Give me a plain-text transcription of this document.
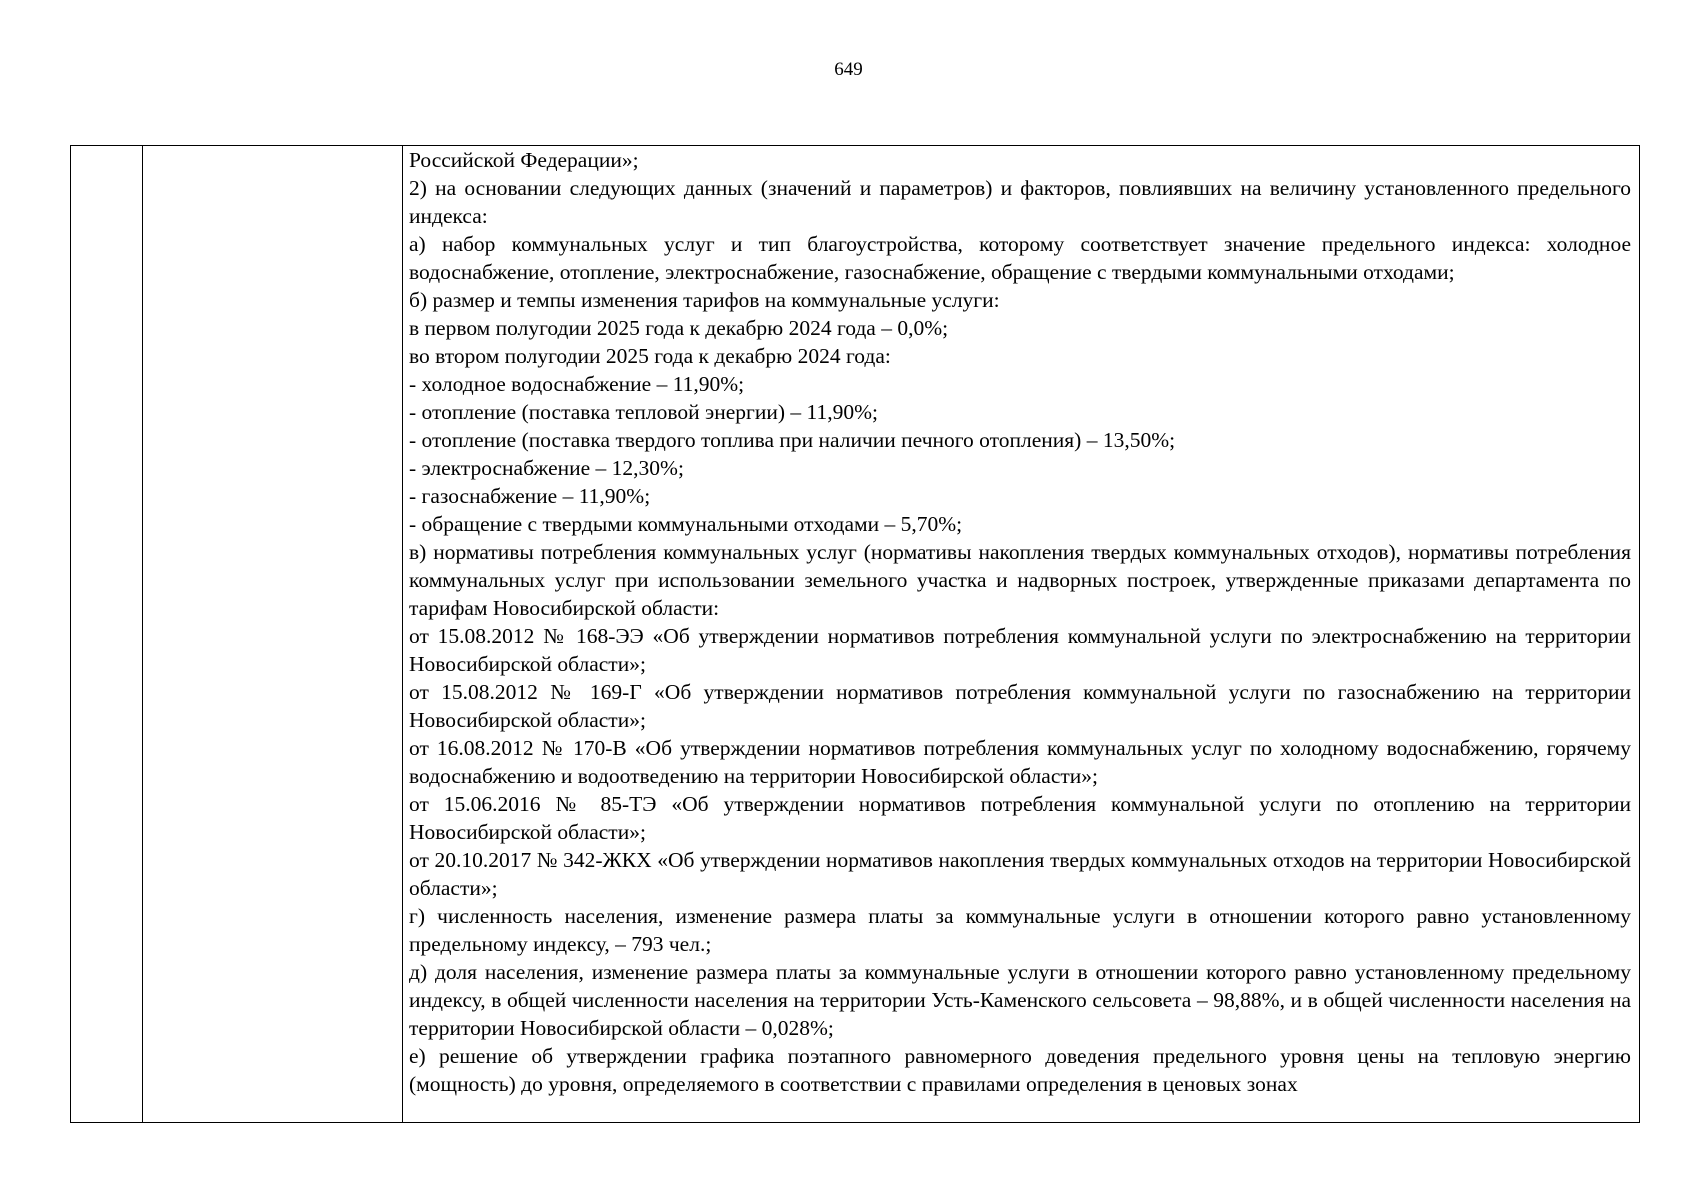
649

Российской Федерации»;

2) на основании следующих данных (значений и параметров) и факторов, повлиявших на величину установленного предельного индекса:

а) набор коммунальных услуг и тип благоустройства, которому соответствует значение предельного индекса: холодное водоснабжение, отопление, электроснабжение, газоснабжение, обращение с твердыми коммунальными отходами;

б) размер и темпы изменения тарифов на коммунальные услуги:

в первом полугодии 2025 года к декабрю 2024 года – 0,0%;

во втором полугодии 2025 года к декабрю 2024 года:

- холодное водоснабжение – 11,90%;

- отопление (поставка тепловой энергии) – 11,90%;

- отопление (поставка твердого топлива при наличии печного отопления) – 13,50%;

- электроснабжение – 12,30%;

- газоснабжение – 11,90%;

- обращение с твердыми коммунальными отходами – 5,70%;

в) нормативы потребления коммунальных услуг (нормативы накопления твердых коммунальных отходов), нормативы потребления коммунальных услуг при использовании земельного участка и надворных построек, утвержденные приказами департамента по тарифам Новосибирской области:

от 15.08.2012 № 168-ЭЭ «Об утверждении нормативов потребления коммунальной услуги по электроснабжению на территории Новосибирской области»;

от 15.08.2012 № 169-Г «Об утверждении нормативов потребления коммунальной услуги по газоснабжению на территории Новосибирской области»;

от 16.08.2012 № 170-В «Об утверждении нормативов потребления коммунальных услуг по холодному водоснабжению, горячему водоснабжению и водоотведению на территории Новосибирской области»;

от 15.06.2016 № 85-ТЭ «Об утверждении нормативов потребления коммунальной услуги по отоплению на территории Новосибирской области»;

от 20.10.2017 № 342-ЖКХ «Об утверждении нормативов накопления твердых коммунальных отходов на территории Новосибирской области»;

г) численность населения, изменение размера платы за коммунальные услуги в отношении которого равно установленному предельному индексу, – 793 чел.;

д) доля населения, изменение размера платы за коммунальные услуги в отношении которого равно установленному предельному индексу, в общей численности населения на территории Усть-Каменского сельсовета – 98,88%, и в общей численности населения на территории Новосибирской области – 0,028%;

е) решение об утверждении графика поэтапного равномерного доведения предельного уровня цены на тепловую энергию (мощность) до уровня, определяемого в соответствии с правилами определения в ценовых зонах
